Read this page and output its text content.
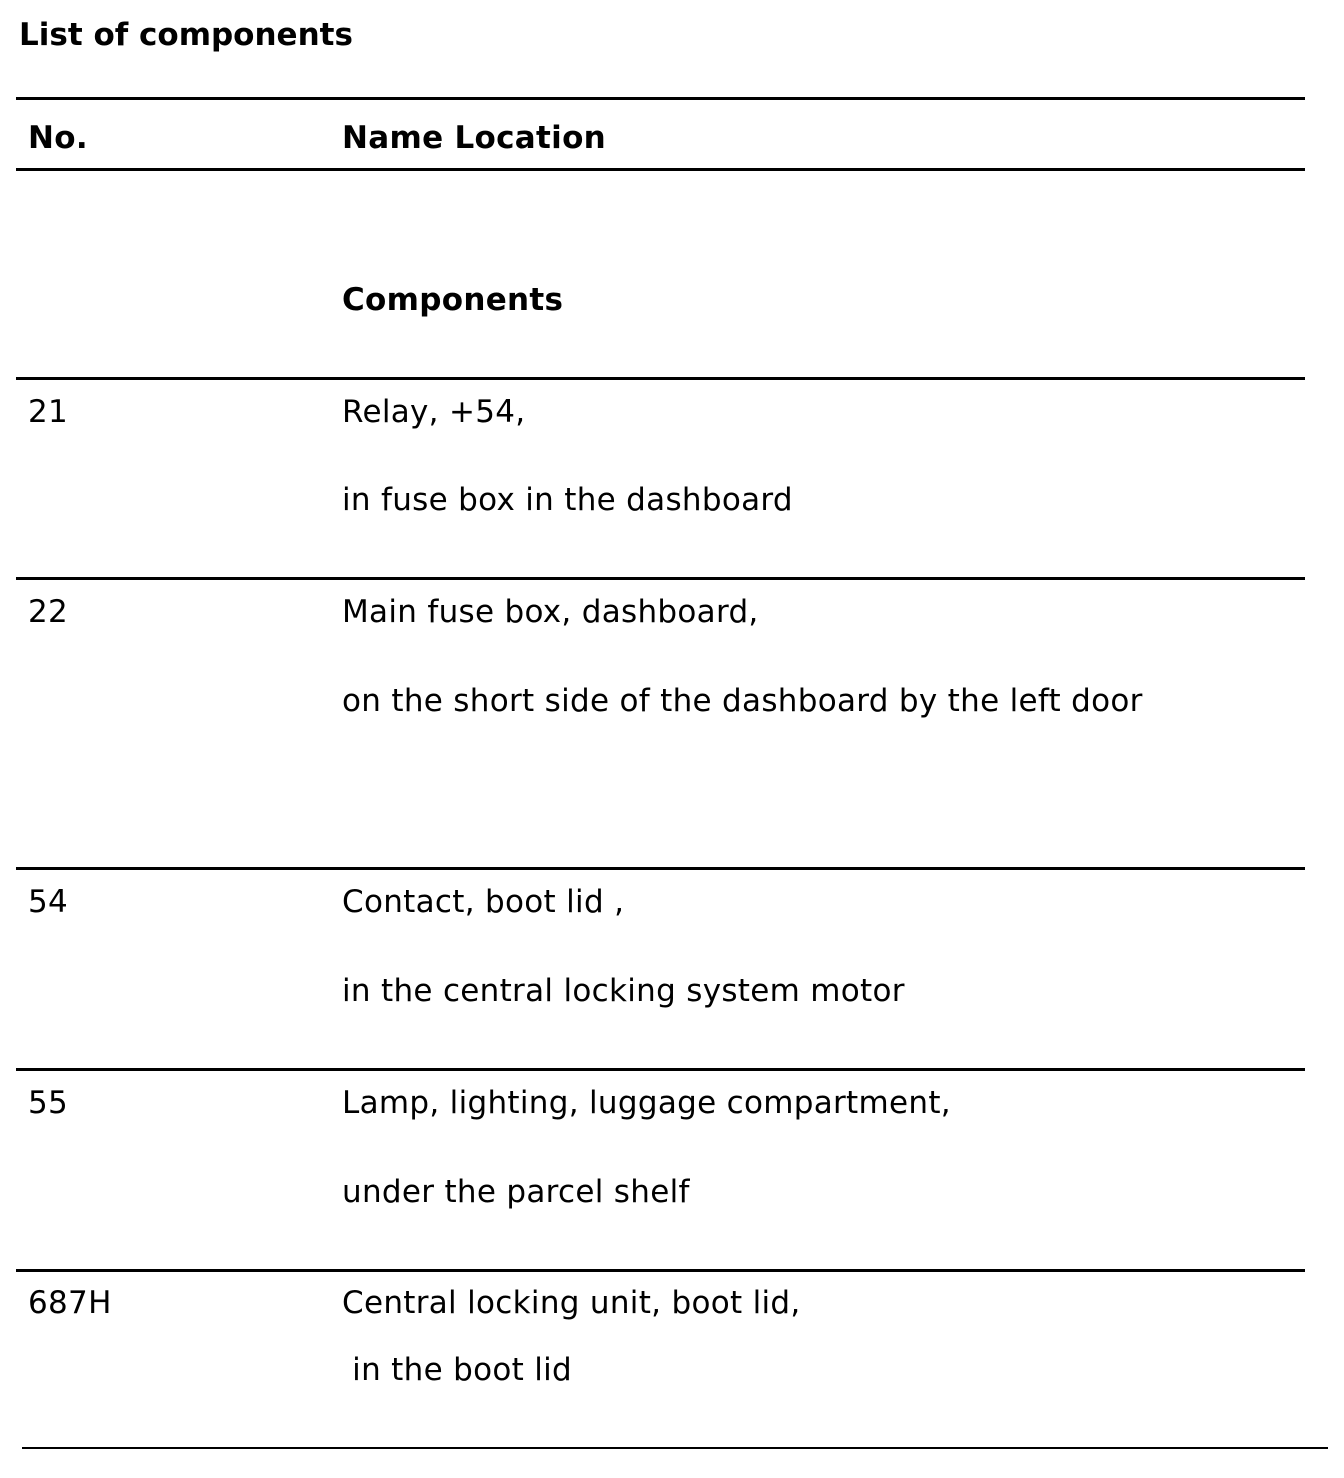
List of components
No.	Name Location
Components
21	Relay, +54,
in fuse box in the dashboard
22	Main fuse box, dashboard,
on the short side of the dashboard by the left door
54	Contact, boot lid ,
in the central locking system motor
55	Lamp, lighting, luggage compartment,
under the parcel shelf
687H	Central locking unit, boot lid,
in the boot lid
